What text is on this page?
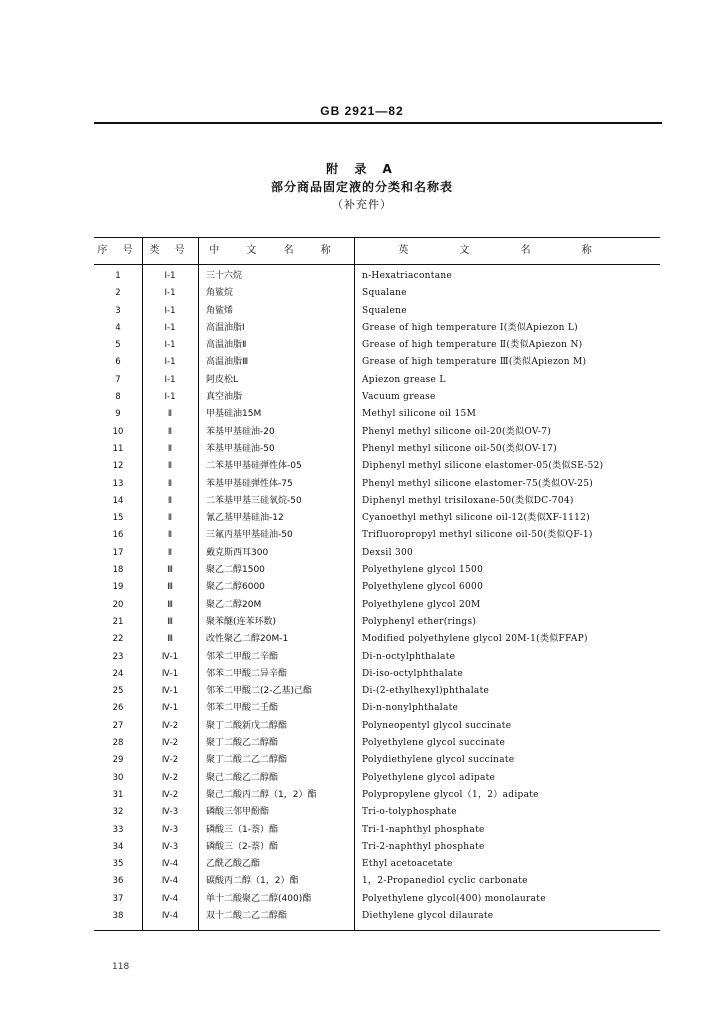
GB 2921—82
附 录 A
部分商品固定液的分类和名称表
（补充件）
序 号	类 号	中 文 名 称	英 文 名 称
1	Ⅰ-1	三十六烷	n-Hexatriacontane
2	Ⅰ-1	角鲨烷	Squalane
3	Ⅰ-1	角鲨烯	Squalene
4	Ⅰ-1	高温油脂Ⅰ	Grease of high temperature Ⅰ(类似Apiezon L)
5	Ⅰ-1	高温油脂Ⅱ	Grease of high temperature Ⅱ(类似Apiezon N)
6	Ⅰ-1	高温油脂Ⅲ	Grease of high temperature Ⅲ(类似Apiezon M)
7	Ⅰ-1	阿皮松L	Apiezon grease L
8	Ⅰ-1	真空油脂	Vacuum grease
9	Ⅱ	甲基硅油15M	Methyl silicone oil 15M
10	Ⅱ	苯基甲基硅油-20	Phenyl methyl silicone oil-20(类似OV-7)
11	Ⅱ	苯基甲基硅油-50	Phenyl methyl silicone oil-50(类似OV-17)
12	Ⅱ	二苯基甲基硅弹性体-05	Diphenyl methyl silicone elastomer-05(类似SE-52)
13	Ⅱ	苯基甲基硅弹性体-75	Phenyl methyl silicone elastomer-75(类似OV-25)
14	Ⅱ	二苯基甲基三硅氧烷-50	Diphenyl methyl trisiloxane-50(类似DC-704)
15	Ⅱ	氰乙基甲基硅油-12	Cyanoethyl methyl silicone oil-12(类似XF-1112)
16	Ⅱ	三氟丙基甲基硅油-50	Trifluoropropyl methyl silicone oil-50(类似QF-1)
17	Ⅱ	戴克斯西耳300	Dexsil 300
18	Ⅲ	聚乙二醇1500	Polyethylene glycol 1500
19	Ⅲ	聚乙二醇6000	Polyethylene glycol 6000
20	Ⅲ	聚乙二醇20M	Polyethylene glycol 20M
21	Ⅲ	聚苯醚(连苯环数)	Polyphenyl ether(rings)
22	Ⅲ	改性聚乙二醇20M-1	Modified polyethylene glycol 20M-1(类似FFAP)
23	Ⅳ-1	邻苯二甲酸二辛酯	Di-n-octylphthalate
24	Ⅳ-1	邻苯二甲酸二异辛酯	Di-iso-octylphthalate
25	Ⅳ-1	邻苯二甲酸二(2-乙基)己酯	Di-(2-ethylhexyl)phthalate
26	Ⅳ-1	邻苯二甲酸二壬酯	Di-n-nonylphthalate
27	Ⅳ-2	聚丁二酸新戊二醇酯	Polyneopentyl glycol succinate
28	Ⅳ-2	聚丁二酸乙二醇酯	Polyethylene glycol succinate
29	Ⅳ-2	聚丁二酸二乙二醇酯	Polydiethylene glycol succinate
30	Ⅳ-2	聚己二酸乙二醇酯	Polyethylene glycol adipate
31	Ⅳ-2	聚己二酸丙二醇（1，2）酯	Polypropylene glycol（1，2）adipate
32	Ⅳ-3	磷酸三邻甲酚酯	Tri-o-tolyphosphate
33	Ⅳ-3	磷酸三（1-萘）酯	Tri-1-naphthyl phosphate
34	Ⅳ-3	磷酸三（2-萘）酯	Tri-2-naphthyl phosphate
35	Ⅳ-4	乙酰乙酸乙酯	Ethyl acetoacetate
36	Ⅳ-4	碳酸丙二醇（1，2）酯	1，2-Propanediol cyclic carbonate
37	Ⅳ-4	单十二酸聚乙二醇(400)酯	Polyethylene glycol(400) monolaurate
38	Ⅳ-4	双十二酸二乙二醇酯	Diethylene glycol dilaurate
118
